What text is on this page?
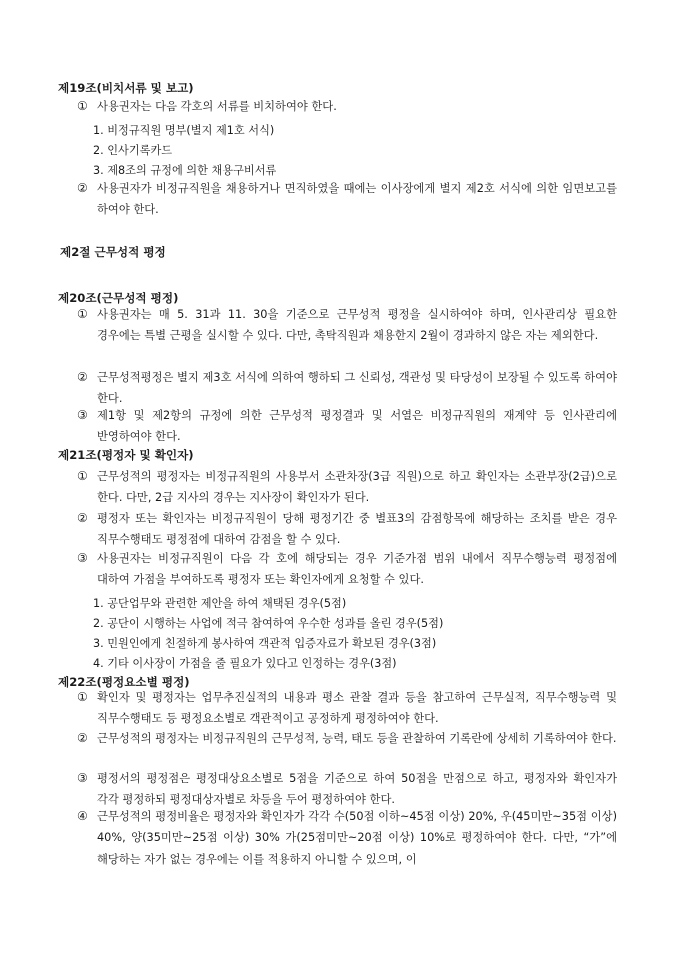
제19조(비치서류 및 보고)

① 사용권자는 다음 각호의 서류를 비치하여야 한다.
1. 비정규직원 명부(별지 제1호 서식)
2. 인사기록카드
3. 제8조의 규정에 의한 채용구비서류
② 사용권자가 비정규직원을 채용하거나 면직하였을 때에는 이사장에게 별지 제2호 서식에 의한 임면보고를 하여야 한다.

제2절 근무성적 평정

제20조(근무성적 평정)

① 사용권자는 매 5. 31과 11. 30을 기준으로 근무성적 평정을 실시하여야 하며, 인사관리상 필요한 경우에는 특별 근평을 실시할 수 있다. 다만, 촉탁직원과 채용한지 2월이 경과하지 않은 자는 제외한다.
② 근무성적평정은 별지 제3호 서식에 의하여 행하되 그 신뢰성, 객관성 및 타당성이 보장될 수 있도록 하여야 한다.
③ 제1항 및 제2항의 규정에 의한 근무성적 평정결과 및 서열은 비정규직원의 재계약 등 인사관리에 반영하여야 한다.

제21조(평정자 및 확인자)

① 근무성적의 평정자는 비정규직원의 사용부서 소관차장(3급 직원)으로 하고 확인자는 소관부장(2급)으로 한다. 다만, 2급 지사의 경우는 지사장이 확인자가 된다.
② 평정자 또는 확인자는 비정규직원이 당해 평정기간 중 별표3의 감점항목에 해당하는 조치를 받은 경우 직무수행태도 평정점에 대하여 감점을 할 수 있다.
③ 사용권자는 비정규직원이 다음 각 호에 해당되는 경우 기준가점 범위 내에서 직무수행능력 평정점에 대하여 가점을 부여하도록 평정자 또는 확인자에게 요청할 수 있다.
1. 공단업무와 관련한 제안을 하여 채택된 경우(5점)
2. 공단이 시행하는 사업에 적극 참여하여 우수한 성과를 올린 경우(5점)
3. 민원인에게 친절하게 봉사하여 객관적 입증자료가 확보된 경우(3점)
4. 기타 이사장이 가점을 줄 필요가 있다고 인정하는 경우(3점)

제22조(평정요소별 평정)

① 확인자 및 평정자는 업무추진실적의 내용과 평소 관찰 결과 등을 참고하여 근무실적, 직무수행능력 및 직무수행태도 등 평정요소별로 객관적이고 공정하게 평정하여야 한다.
② 근무성적의 평정자는 비정규직원의 근무성적, 능력, 태도 등을 관찰하여 기록란에 상세히 기록하여야 한다.
③ 평정서의 평정점은 평정대상요소별로 5점을 기준으로 하여 50점을 만점으로 하고, 평정자와 확인자가 각각 평정하되 평정대상자별로 차등을 두어 평정하여야 한다.
④ 근무성적의 평정비율은 평정자와 확인자가 각각 수(50점 이하~45점 이상) 20%, 우(45미만~35점 이상) 40%, 양(35미만~25점 이상) 30% 가(25점미만~20점 이상) 10%로 평정하여야 한다. 다만, “가”에 해당하는 자가 없는 경우에는 이를 적용하지 아니할 수 있으며, 이
